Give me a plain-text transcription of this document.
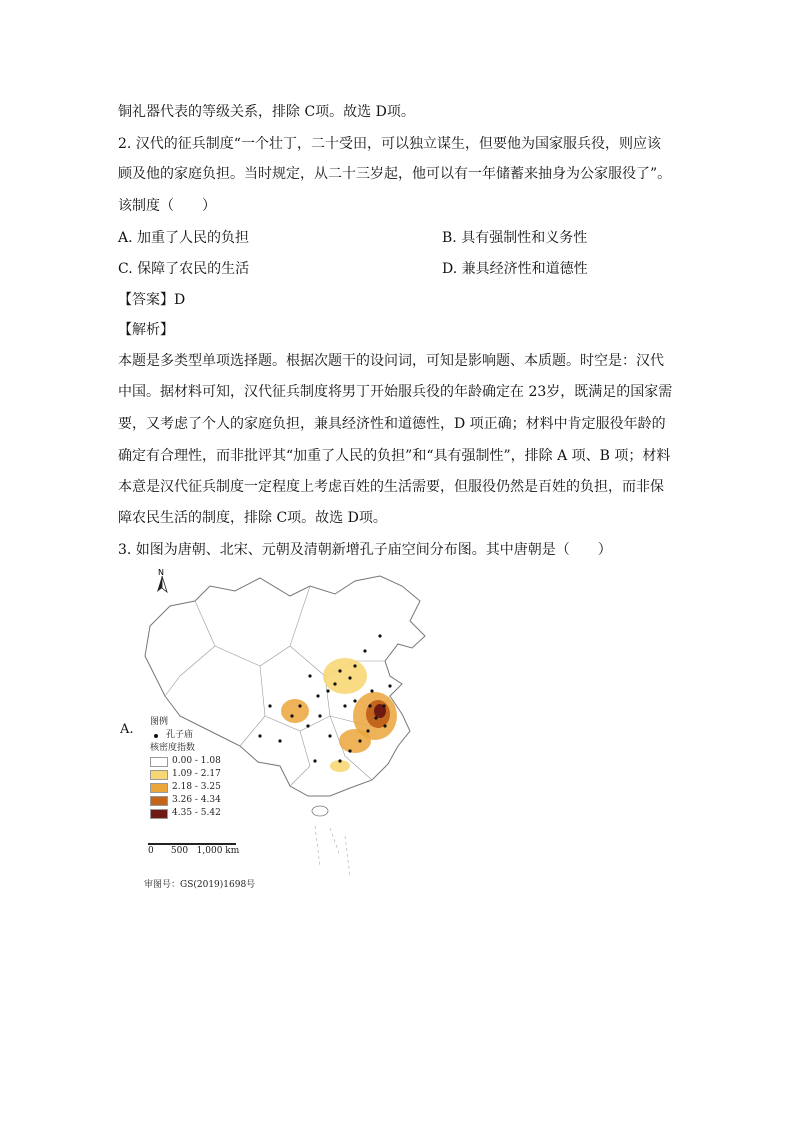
铜礼器代表的等级关系，排除 C项。故选 D项。
2. 汉代的征兵制度“一个壮丁，二十受田，可以独立谋生，但要他为国家服兵役，则应该
顾及他的家庭负担。当时规定，从二十三岁起，他可以有一年储蓄来抽身为公家服役了”。
该制度（　　）
A. 加重了人民的负担	B. 具有强制性和义务性
C. 保障了农民的生活	D. 兼具经济性和道德性
【答案】D
【解析】
本题是多类型单项选择题。根据次题干的设问词，可知是影响题、本质题。时空是：汉代
中国。据材料可知，汉代征兵制度将男丁开始服兵役的年龄确定在 23岁，既满足的国家需
要，又考虑了个人的家庭负担，兼具经济性和道德性，D 项正确；材料中肯定服役年龄的
确定有合理性，而非批评其“加重了人民的负担”和“具有强制性”，排除 A 项、B 项；材料
本意是汉代征兵制度一定程度上考虑百姓的生活需要，但服役仍然是百姓的负担，而非保
障农民生活的制度，排除 C项。故选 D项。
3. 如图为唐朝、北宋、元朝及清朝新增孔子庙空间分布图。其中唐朝是（　　）
A.
N
图例
孔子庙
核密度指数
0.00 - 1.08
1.09 - 2.17
2.18 - 3.25
3.26 - 4.34
4.35 - 5.42
0      500   1,000 km
审图号：GS(2019)1698号
